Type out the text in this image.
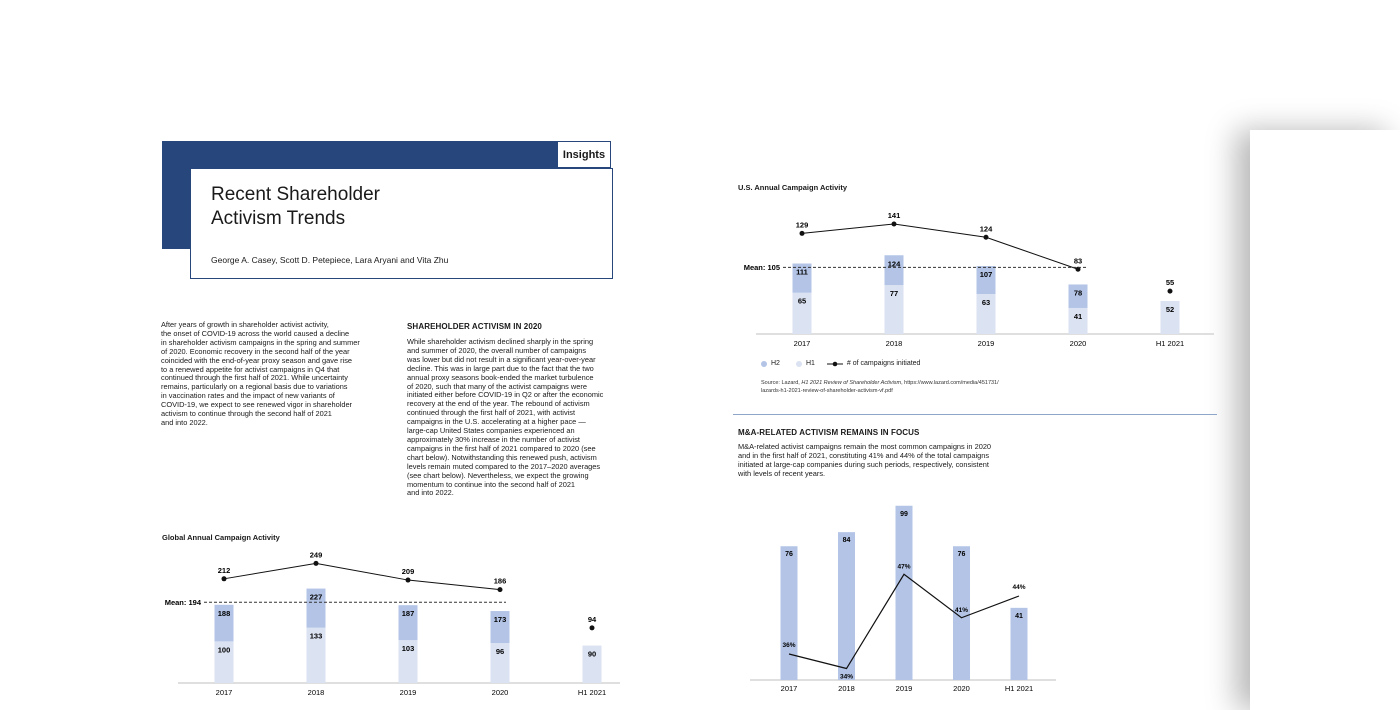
Insights
Recent Shareholder
Activism Trends
George A. Casey, Scott D. Petepiece, Lara Aryani and Vita Zhu
After years of growth in shareholder activist activity,
the onset of COVID-19 across the world caused a decline
in shareholder activism campaigns in the spring and summer
of 2020. Economic recovery in the second half of the year
coincided with the end-of-year proxy season and gave rise
to a renewed appetite for activist campaigns in Q4 that
continued through the first half of 2021. While uncertainty
remains, particularly on a regional basis due to variations
in vaccination rates and the impact of new variants of
COVID-19, we expect to see renewed vigor in shareholder
activism to continue through the second half of 2021
and into 2022.
SHAREHOLDER ACTIVISM IN 2020
While shareholder activism declined sharply in the spring
and summer of 2020, the overall number of campaigns
was lower but did not result in a significant year-over-year
decline. This was in large part due to the fact that the two
annual proxy seasons book-ended the market turbulence
of 2020, such that many of the activist campaigns were
initiated either before COVID-19 in Q2 or after the economic
recovery at the end of the year. The rebound of activism
continued through the first half of 2021, with activist
campaigns in the U.S. accelerating at a higher pace —
large-cap United States companies experienced an
approximately 30% increase in the number of activist
campaigns in the first half of 2021 compared to 2020 (see
chart below). Notwithstanding this renewed push, activism
levels remain muted compared to the 2017–2020 averages
(see chart below). Nevertheless, we expect the growing
momentum to continue into the second half of 2021
and into 2022.
Global Annual Campaign Activity
U.S. Annual Campaign Activity
H2	H1	# of campaigns initiated
Source: Lazard, H1 2021 Review of Shareholder Activism, https://www.lazard.com/media/451731/
lazards-h1-2021-review-of-shareholder-activism-vf.pdf
M&A-RELATED ACTIVISM REMAINS IN FOCUS
M&A-related activist campaigns remain the most common campaigns in 2020
and in the first half of 2021, constituting 41% and 44% of the total campaigns
initiated at large-cap companies during such periods, respectively, consistent
with levels of recent years.
100
188
2017
133
227
2018
103
187
2019
96
173
2020
90
H1 2021
212
249
209
186
94
Mean: 194
65
111
2017
77
124
2018
63
107
2019
41
78
2020
52
H1 2021
129
141
124
83
55
Mean: 105
76
2017
84
2018
99
2019
76
2020
41
H1 2021
36%
34%
47%
41%
44%
